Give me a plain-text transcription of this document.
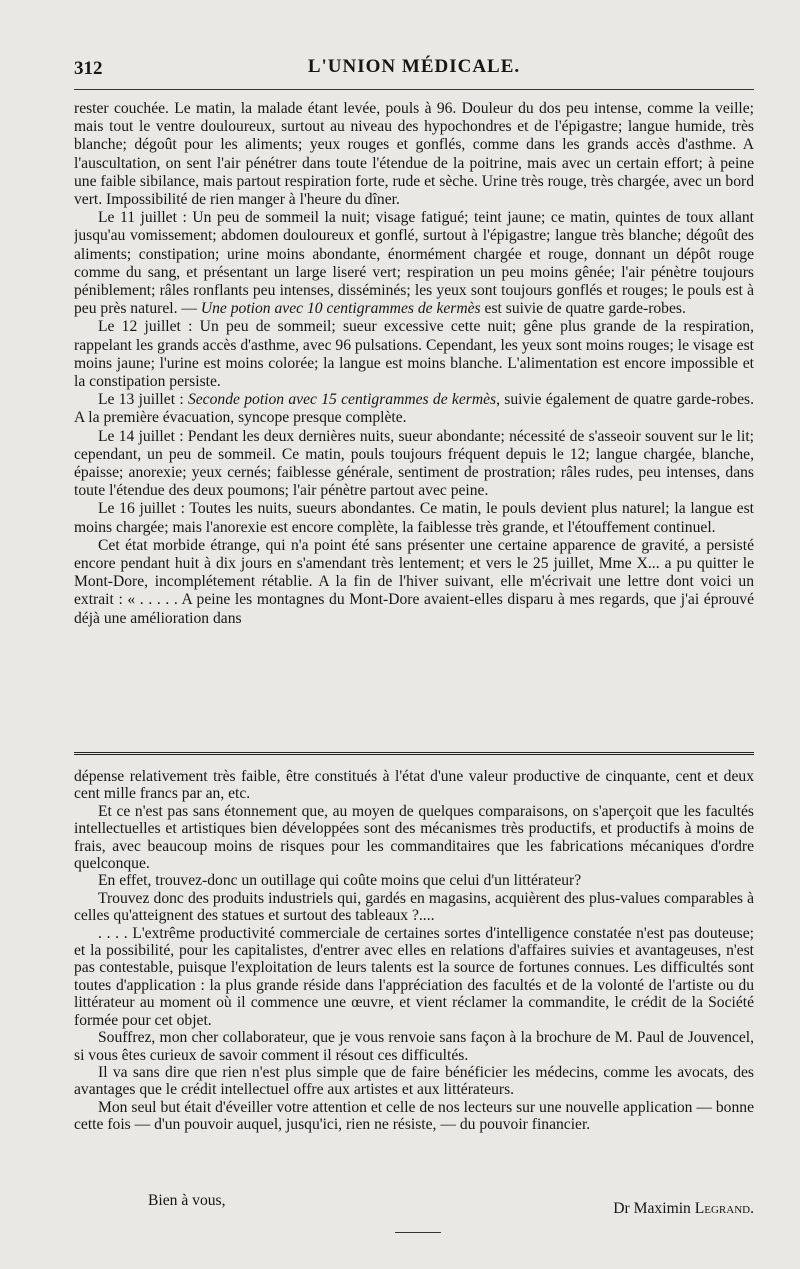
312	L'UNION MÉDICALE.

rester couchée. Le matin, la malade étant levée, pouls à 96. Douleur du dos peu intense, comme la veille; mais tout le ventre douloureux, surtout au niveau des hypochondres et de l'épigastre; langue humide, très blanche; dégoût pour les aliments; yeux rouges et gonflés, comme dans les grands accès d'asthme. A l'auscultation, on sent l'air pénétrer dans toute l'étendue de la poitrine, mais avec un certain effort; à peine une faible sibilance, mais partout respiration forte, rude et sèche. Urine très rouge, très chargée, avec un bord vert. Impossibilité de rien manger à l'heure du dîner.

Le 11 juillet : Un peu de sommeil la nuit; visage fatigué; teint jaune; ce matin, quintes de toux allant jusqu'au vomissement; abdomen douloureux et gonflé, surtout à l'épigastre; langue très blanche; dégoût des aliments; constipation; urine moins abondante, énormément chargée et rouge, donnant un dépôt rouge comme du sang, et présentant un large liseré vert; respiration un peu moins gênée; l'air pénètre toujours péniblement; râles ronflants peu intenses, disséminés; les yeux sont toujours gonflés et rouges; le pouls est à peu près naturel. — Une potion avec 10 centigrammes de kermès est suivie de quatre garde-robes.

Le 12 juillet : Un peu de sommeil; sueur excessive cette nuit; gêne plus grande de la respiration, rappelant les grands accès d'asthme, avec 96 pulsations. Cependant, les yeux sont moins rouges; le visage est moins jaune; l'urine est moins colorée; la langue est moins blanche. L'alimentation est encore impossible et la constipation persiste.

Le 13 juillet : Seconde potion avec 15 centigrammes de kermès, suivie également de quatre garde-robes. A la première évacuation, syncope presque complète.

Le 14 juillet : Pendant les deux dernières nuits, sueur abondante; nécessité de s'asseoir souvent sur le lit; cependant, un peu de sommeil. Ce matin, pouls toujours fréquent depuis le 12; langue chargée, blanche, épaisse; anorexie; yeux cernés; faiblesse générale, sentiment de prostration; râles rudes, peu intenses, dans toute l'étendue des deux poumons; l'air pénètre partout avec peine.

Le 16 juillet : Toutes les nuits, sueurs abondantes. Ce matin, le pouls devient plus naturel; la langue est moins chargée; mais l'anorexie est encore complète, la faiblesse très grande, et l'étouffement continuel.

Cet état morbide étrange, qui n'a point été sans présenter une certaine apparence de gravité, a persisté encore pendant huit à dix jours en s'amendant très lentement; et vers le 25 juillet, Mme X... a pu quitter le Mont-Dore, incomplétement rétablie. A la fin de l'hiver suivant, elle m'écrivait une lettre dont voici un extrait : « . . . . . A peine les montagnes du Mont-Dore avaient-elles disparu à mes regards, que j'ai éprouvé déjà une amélioration dans

dépense relativement très faible, être constitués à l'état d'une valeur productive de cinquante, cent et deux cent mille francs par an, etc.

Et ce n'est pas sans étonnement que, au moyen de quelques comparaisons, on s'aperçoit que les facultés intellectuelles et artistiques bien développées sont des mécanismes très productifs, et productifs à moins de frais, avec beaucoup moins de risques pour les commanditaires que les fabrications mécaniques d'ordre quelconque.

En effet, trouvez-donc un outillage qui coûte moins que celui d'un littérateur?

Trouvez donc des produits industriels qui, gardés en magasins, acquièrent des plus-values comparables à celles qu'atteignent des statues et surtout des tableaux ?....

. . . . L'extrême productivité commerciale de certaines sortes d'intelligence constatée n'est pas douteuse; et la possibilité, pour les capitalistes, d'entrer avec elles en relations d'affaires suivies et avantageuses, n'est pas contestable, puisque l'exploitation de leurs talents est la source de fortunes connues. Les difficultés sont toutes d'application : la plus grande réside dans l'appréciation des facultés et de la volonté de l'artiste ou du littérateur au moment où il commence une œuvre, et vient réclamer la commandite, le crédit de la Société formée pour cet objet.

Souffrez, mon cher collaborateur, que je vous renvoie sans façon à la brochure de M. Paul de Jouvencel, si vous êtes curieux de savoir comment il résout ces difficultés.

Il va sans dire que rien n'est plus simple que de faire bénéficier les médecins, comme les avocats, des avantages que le crédit intellectuel offre aux artistes et aux littérateurs.

Mon seul but était d'éveiller votre attention et celle de nos lecteurs sur une nouvelle application — bonne cette fois — d'un pouvoir auquel, jusqu'ici, rien ne résiste, — du pouvoir financier.

Bien à vous,	Dr Maximin Legrand.
